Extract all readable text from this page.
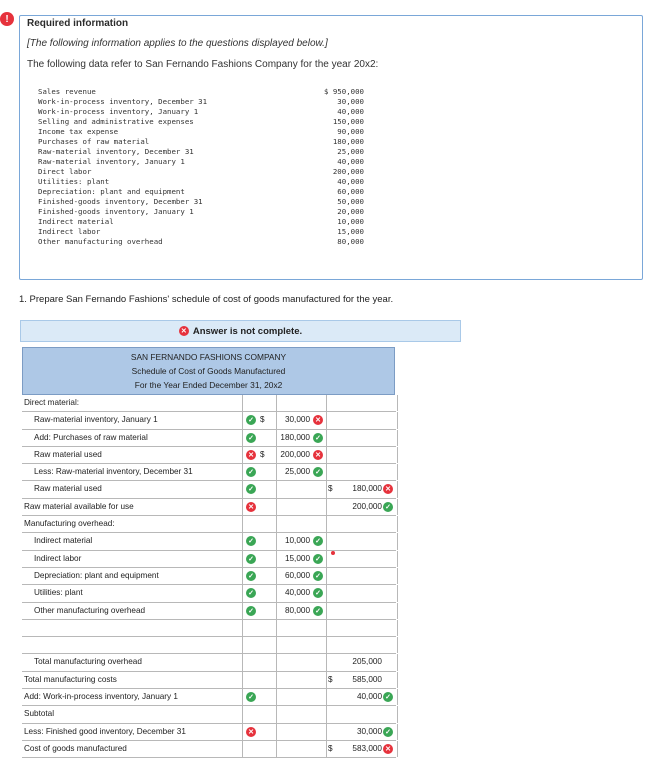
!	Required information
[The following information applies to the questions displayed below.]
The following data refer to San Fernando Fashions Company for the year 20x2:
Sales revenue	$ 950,000
Work-in-process inventory, December 31	30,000
Work-in-process inventory, January 1	40,000
Selling and administrative expenses	150,000
Income tax expense	90,000
Purchases of raw material	180,000
Raw-material inventory, December 31	25,000
Raw-material inventory, January 1	40,000
Direct labor	200,000
Utilities: plant	40,000
Depreciation: plant and equipment	60,000
Finished-goods inventory, December 31	50,000
Finished-goods inventory, January 1	20,000
Indirect material	10,000
Indirect labor	15,000
Other manufacturing overhead	80,000
1. Prepare San Fernando Fashions' schedule of cost of goods manufactured for the year.
✕ Answer is not complete.
SAN FERNANDO FASHIONS COMPANY
Schedule of Cost of Goods Manufactured
For the Year Ended December 31, 20x2
Direct material:
Raw-material inventory, January 1	✓ $	30,000 ✕
Add: Purchases of raw material	✓	180,000 ✓
Raw material used	✕ $ 200,000 ✕
Less: Raw-material inventory, December 31	✓	25,000 ✓
Raw material used	✓	$	180,000 ✕
Raw material available for use	✕	200,000 ✓
Manufacturing overhead:
Indirect material	✓	10,000 ✓
Indirect labor	✓	15,000 ✓
Depreciation: plant and equipment	✓	60,000 ✓
Utilities: plant	✓	40,000 ✓
Other manufacturing overhead	✓	80,000 ✓
Total manufacturing overhead	205,000
Total manufacturing costs	$	585,000
Add: Work-in-process inventory, January 1	✓	40,000 ✓
Subtotal
Less: Finished good inventory, December 31	✕	30,000 ✓
Cost of goods manufactured	$	583,000 ✕
